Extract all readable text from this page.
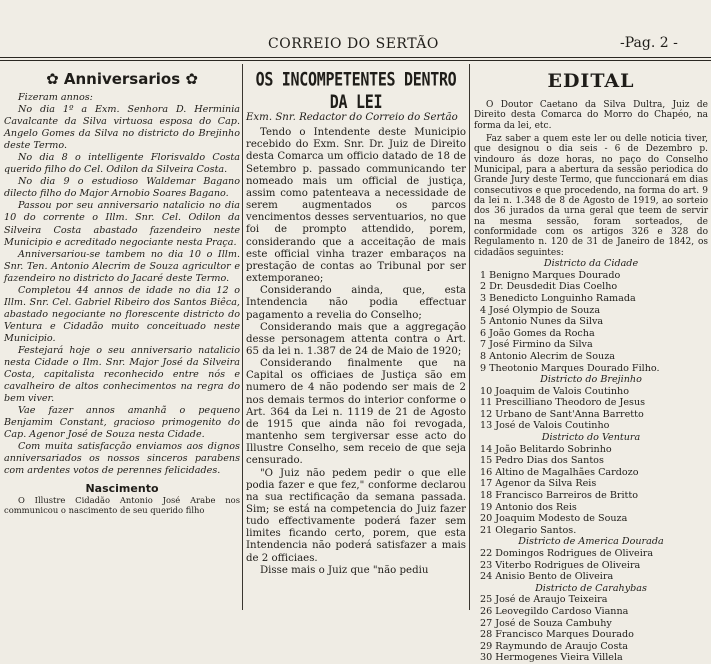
CORREIO DO SERTÃO	-Pag. 2 -
✿ Anniversarios ✿

Fizeram annos:

No dia 1º a Exm. Senhora D. Herminia Cavalcante da Silva virtuosa esposa do Cap. Angelo Gomes da Silva no districto do Brejinho deste Termo.

No dia 8 o intelligente Florisvaldo Costa querido filho do Cel. Odilon da Silveira Costa.

No dia 9 o estudioso Waldemar Bagano dilecto filho do Major Arnobio Soares Bagano.

Passou por seu anniversario natalicio no dia 10 do corrente o Illm. Snr. Cel. Odilon da Silveira Costa abastado fazendeiro neste Municipio e acreditado negociante nesta Praça.

Anniversariou-se tambem no dia 10 o Illm. Snr. Ten. Antonio Alecrim de Souza agricultor e fazendeiro no districto do Jacaré deste Termo.

Completou 44 annos de idade no dia 12 o Illm. Snr. Cel. Gabriel Ribeiro dos Santos Biêca, abastado negociante no florescente districto do Ventura e Cidadão muito conceituado neste Municipio.

Festejará hoje o seu anniversario natalicio nesta Cidade o Ilm. Snr. Major José da Silveira Costa, capitalista reconhecido entre nós e cavalheiro de altos conhecimentos na regra do bem viver.

Vae fazer annos amanhã o pequeno Benjamim Constant, gracioso primogenito do Cap. Agenor José de Souza nesta Cidade.

Com muita satisfacção enviamos aos dignos anniversariados os nossos sinceros parabens com ardentes votos de perennes felicidades.

Nascimento

O Illustre Cidadão Antonio José Arabe nos communicou o nascimento de seu querido filho

OS INCOMPETENTES DENTRO DA LEI

Exm. Snr. Redactor do Correio do Sertão

Tendo o Intendente deste Municipio recebido do Exm. Snr. Dr. Juiz de Direito desta Comarca um officio datado de 18 de Setembro p. passado communicando ter nomeado mais um official de justiça, assim como patenteava a necessidade de serem augmentados os parcos vencimentos desses serventuarios, no que foi de prompto attendido, porem, considerando que a acceitação de mais este official vinha trazer embaraços na prestação de contas ao Tribunal por ser extemporaneo;

Considerando ainda, que, esta Intendencia não podia effectuar pagamento a revelia do Conselho;

Considerando mais que a aggregação desse personagem attenta contra o Art. 65 da lei n. 1.387 de 24 de Maio de 1920;

Considerando finalmente que na Capital os officiaes de Justiça são em numero de 4 não podendo ser mais de 2 nos demais termos do interior conforme o Art. 364 da Lei n. 1119 de 21 de Agosto de 1915 que ainda não foi revogada, mantenho sem tergiversar esse acto do Illustre Conselho, sem receio de que seja censurado.

"O Juiz não pedem pedir o que elle podia fazer e que fez," conforme declarou na sua rectificação da semana passada. Sim; se está na competencia do Juiz fazer tudo effectivamente poderá fazer sem limites ficando certo, porem, que esta Intendencia não poderá satisfazer a mais de 2 officiaes.

Disse mais o Juiz que "não pediu

EDITAL

O Doutor Caetano da Silva Dultra, Juiz de Direito desta Comarca do Morro do Chapéo, na forma da lei, etc.

Faz saber a quem este ler ou delle noticia tiver, que designou o dia seis - 6 de Dezembro p. vindouro ás doze horas, no paço do Conselho Municipal, para a abertura da sessão periodica do Grande Jury deste Termo, que funccionará em dias consecutivos e que procedendo, na forma do art. 9 da lei n. 1.348 de 8 de Agosto de 1919, ao sorteio dos 36 jurados da urna geral que teem de servir na mesma sessão, foram sorteados, de conformidade com os artigos 326 e 328 do Regulamento n. 120 de 31 de Janeiro de 1842, os cidadãos seguintes:

Districto da Cidade

1 Benigno Marques Dourado

2 Dr. Deusdedit Dias Coelho

3 Benedicto Longuinho Ramada

4 José Olympio de Souza

5 Antonio Nunes da Silva

6 João Gomes da Rocha

7 José Firmino da Silva

8 Antonio Alecrim de Souza

9 Theotonio Marques Dourado Filho.

Districto do Brejinho

10 Joaquim de Valois Coutinho

11 Prescilliano Theodoro de Jesus

12 Urbano de Sant'Anna Barretto

13 José de Valois Coutinho

Districto do Ventura

14 João Belitardo Sobrinho

15 Pedro Dias dos Santos

16 Altino de Magalhães Cardozo

17 Agenor da Silva Reis

18 Francisco Barreiros de Britto

19 Antonio dos Reis

20 Joaquim Modesto de Souza

21 Olegario Santos.

Districto de America Dourada

22 Domingos Rodrigues de Oliveira

23 Viterbo Rodrigues de Oliveira

24 Anisio Bento de Oliveira

Districto de Carahybas

25 José de Araujo Teixeira

26 Leovegildo Cardoso Vianna

27 José de Souza Cambuhy

28 Francisco Marques Dourado

29 Raymundo de Araujo Costa

30 Hermogenes Vieira Villela
